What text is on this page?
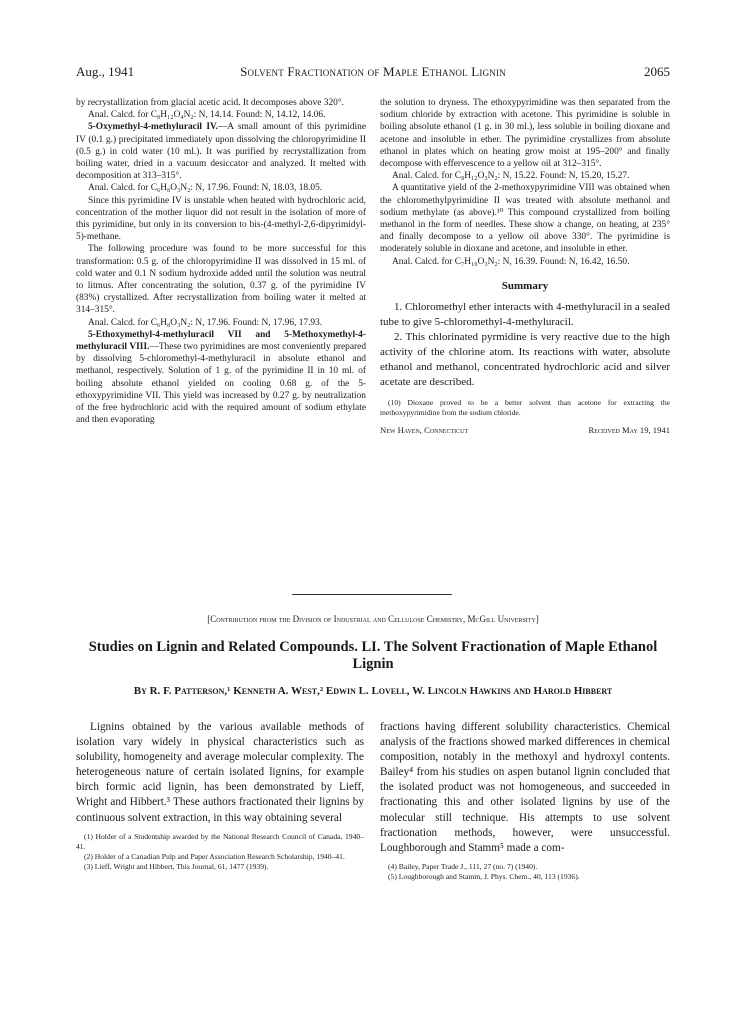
Aug., 1941	Solvent Fractionation of Maple Ethanol Lignin	2065

by recrystallization from glacial acetic acid. It decomposes above 320°.

Anal. Calcd. for C₈H₁₂O₄N₂: N, 14.14. Found: N, 14.12, 14.06.

5-Oxymethyl-4-methyluracil IV.—A small amount of this pyrimidine IV (0.1 g.) precipitated immediately upon dissolving the chloropyrimidine II (0.5 g.) in cold water (10 ml.). It was purified by recrystallization from boiling water, dried in a vacuum desiccator and analyzed. It melted with decomposition at 313–315°.

Anal. Calcd. for C₆H₈O₃N₂: N, 17.96. Found: N, 18.03, 18.05.

Since this pyrimidine IV is unstable when heated with hydrochloric acid, concentration of the mother liquor did not result in the isolation of more of this pyrimidine, but only in its conversion to bis-(4-methyl-2,6-dipyrimidyl-5)-methane.

The following procedure was found to be more successful for this transformation: 0.5 g. of the chloropyrimidine II was dissolved in 15 ml. of cold water and 0.1 N sodium hydroxide added until the solution was neutral to litmus. After concentrating the solution, 0.37 g. of the pyrimidine IV (83%) crystallized. After recrystallization from boiling water it melted at 314–315°.

Anal. Calcd. for C₆H₈O₃N₂: N, 17.96. Found: N, 17.96, 17.93.

5-Ethoxymethyl-4-methyluracil VII and 5-Methoxymethyl-4-methyluracil VIII.—These two pyrimidines are most conveniently prepared by dissolving 5-chloromethyl-4-methyluracil in absolute ethanol and methanol, respectively. Solution of 1 g. of the pyrimidine II in 10 ml. of boiling absolute ethanol yielded on cooling 0.68 g. of the 5-ethoxypyrimidine VII. This yield was increased by 0.27 g. by neutralization of the free hydrochloric acid with the required amount of sodium ethylate and then evaporating

the solution to dryness. The ethoxypyrimidine was then separated from the sodium chloride by extraction with acetone. This pyrimidine is soluble in boiling absolute ethanol (1 g. in 30 ml.), less soluble in boiling dioxane and acetone and insoluble in ether. The pyrimidine crystallizes from absolute ethanol in plates which on heating grow moist at 195–200° and finally decompose with effervescence to a yellow oil at 312–315°.

Anal. Calcd. for C₈H₁₂O₃N₂: N, 15.22. Found: N, 15.20, 15.27.

A quantitative yield of the 2-methoxypyrimidine VIII was obtained when the chloromethylpyrimidine II was treated with absolute methanol and sodium methylate (as above).¹⁰ This compound crystallized from boiling methanol in the form of needles. These show a change, on heating, at 235° and finally decompose to a yellow oil above 330°. The pyrimidine is moderately soluble in dioxane and acetone, and insoluble in ether.

Anal. Calcd. for C₇H₁₀O₃N₂: N, 16.39. Found: N, 16.42, 16.50.

Summary

1. Chloromethyl ether interacts with 4-methyluracil in a sealed tube to give 5-chloromethyl-4-methyluracil.

2. This chlorinated pyrmidine is very reactive due to the high activity of the chlorine atom. Its reactions with water, absolute ethanol and methanol, concentrated hydrochloric acid and silver acetate are described.

(10) Dioxane proved to be a better solvent than acetone for extracting the methoxypyrimidine from the sodium chloride.

New Haven, Connecticut	Received May 19, 1941
[Contribution from the Division of Industrial and Cellulose Chemistry, McGill University]
Studies on Lignin and Related Compounds. LI. The Solvent Fractionation of Maple Ethanol Lignin
By R. F. Patterson,¹ Kenneth A. West,² Edwin L. Lovell, W. Lincoln Hawkins and Harold Hibbert

Lignins obtained by the various available methods of isolation vary widely in physical characteristics such as solubility, homogeneity and average molecular complexity. The heterogeneous nature of certain isolated lignins, for example birch formic acid lignin, has been demonstrated by Lieff, Wright and Hibbert.³ These authors fractionated their lignins by continuous solvent extraction, in this way obtaining several

(1) Holder of a Studentship awarded by the National Research Council of Canada, 1940–41.

(2) Holder of a Canadian Pulp and Paper Association Research Scholarship, 1940–41.

(3) Lieff, Wright and Hibbert, This Journal, 61, 1477 (1939).

fractions having different solubility characteristics. Chemical analysis of the fractions showed marked differences in chemical composition, notably in the methoxyl and hydroxyl contents. Bailey⁴ from his studies on aspen butanol lignin concluded that the isolated product was not homogeneous, and succeeded in fractionating this and other isolated lignins by use of the molecular still technique. His attempts to use solvent fractionation methods, however, were unsuccessful. Loughborough and Stamm⁵ made a com-

(4) Bailey, Paper Trade J., 111, 27 (no. 7) (1940).

(5) Loughborough and Stamm, J. Phys. Chem., 40, 113 (1936).
